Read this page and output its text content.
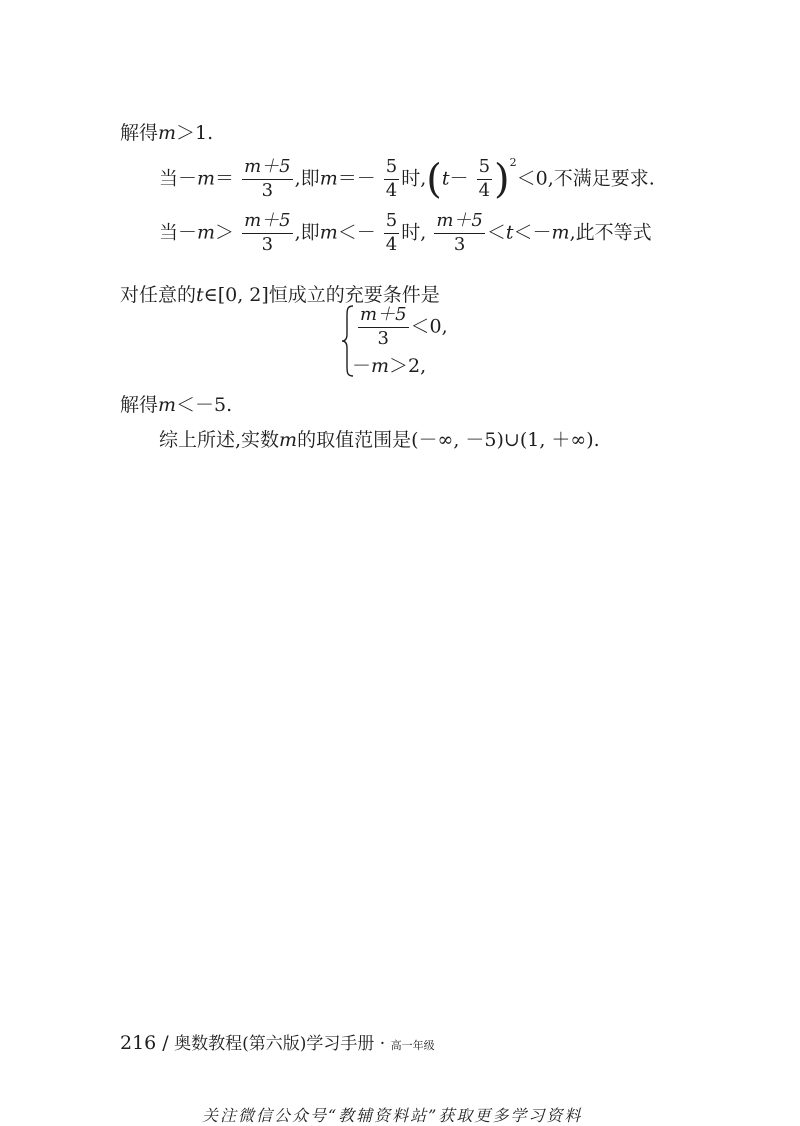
解得m＞1.
当$-m= \frac{m+5}{3}$ ,即$m=- \frac{5}{4}$ 时$,(t- \frac{5}{4} )^2<0$,不满足要求.
当$-m> \frac{m+5}{3}$ ,即$m<- \frac{5}{4}$ 时, $\frac{m+5}{3} <t<-m$,此不等式
对任意的t∈[0, 2]恒成立的充要条件是
$\frac{m+5}{3} <0$,
－m＞2,
解得m＜－5.
综上所述,实数m的取值范围是(－∞, －5)∪(1, ＋∞).
216 / 奥数教程(第六版)学习手册 · 高一年级
关注微信公众号“教辅资料站”获取更多学习资料
